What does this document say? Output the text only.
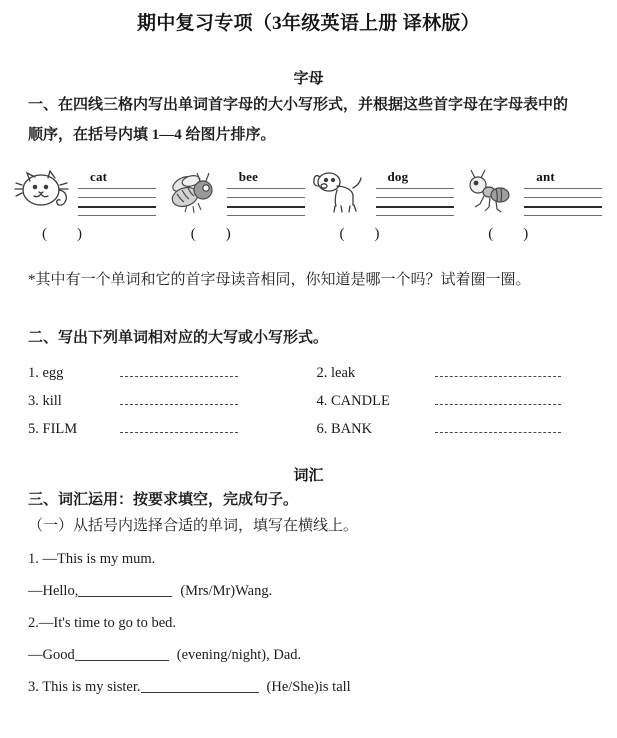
期中复习专项（3年级英语上册 译林版）
字母
一、在四线三格内写出单词首字母的大小写形式，并根据这些首字母在字母表中的
顺序，在括号内填 1—4 给图片排序。
cat
( )
bee
( )
dog
( )
ant
( )
*其中有一个单词和它的首字母读音相同，你知道是哪一个吗？试着圈一圈。
二、写出下列单词相对应的大写或小写形式。
1. egg	2. leak
3. kill	4. CANDLE
5. FILM	6. BANK
词汇
三、词汇运用：按要求填空，完成句子。
（一）从括号内选择合适的单词，填写在横线上。
1. —This is my mum.
—Hello,	(Mrs/Mr)Wang.
2.—It's time to go to bed.
—Good	(evening/night), Dad.
3. This is my sister.	(He/She)is tall
